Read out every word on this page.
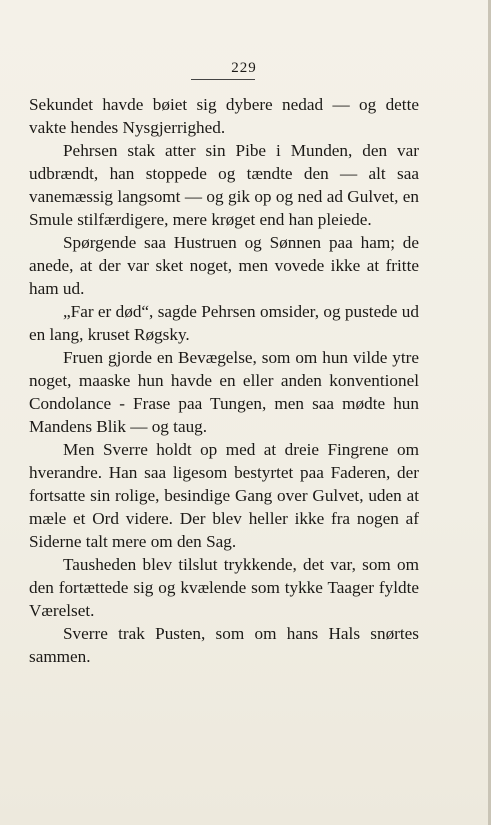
229

Sekundet havde bøiet sig dybere nedad — og dette vakte hendes Nysgjerrighed.

Pehrsen stak atter sin Pibe i Munden, den var udbrændt, han stoppede og tændte den — alt saa vanemæssig langsomt — og gik op og ned ad Gulvet, en Smule stilfærdigere, mere krøget end han pleiede.

Spørgende saa Hustruen og Sønnen paa ham; de anede, at der var sket noget, men vovede ikke at fritte ham ud.

„Far er død“, sagde Pehrsen omsider, og pustede ud en lang, kruset Røgsky.

Fruen gjorde en Bevægelse, som om hun vilde ytre noget, maaske hun havde en eller anden konventionel Condolance - Frase paa Tungen, men saa mødte hun Mandens Blik — og taug.

Men Sverre holdt op med at dreie Fingrene om hverandre. Han saa ligesom bestyrtet paa Faderen, der fortsatte sin rolige, besindige Gang over Gulvet, uden at mæle et Ord videre. Der blev heller ikke fra nogen af Siderne talt mere om den Sag.

Tausheden blev tilslut trykkende, det var, som om den fortættede sig og kvælende som tykke Taager fyldte Værelset.

Sverre trak Pusten, som om hans Hals snørtes sammen.
